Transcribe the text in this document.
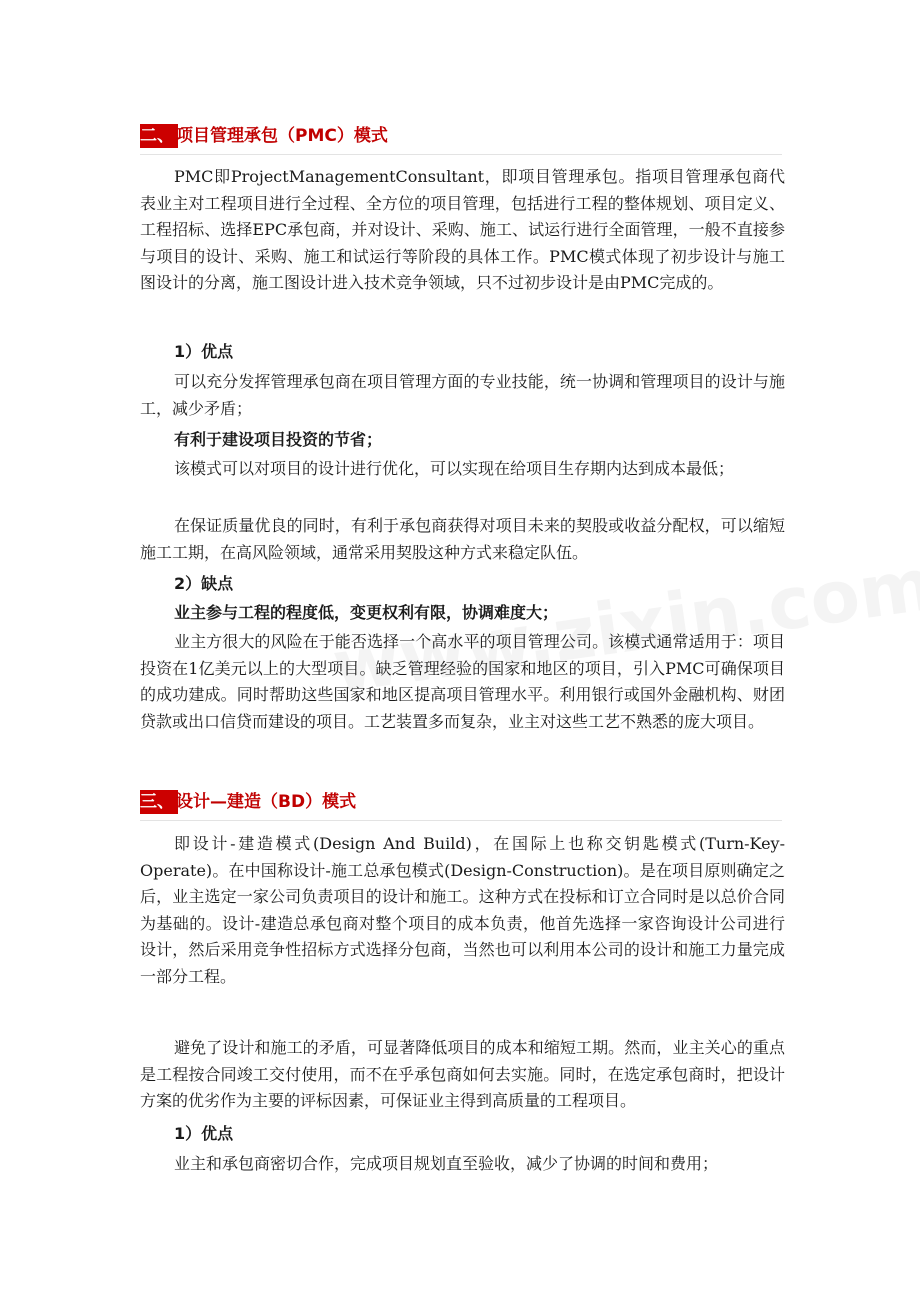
二、 项目管理承包（PMC）模式

PMC即ProjectManagementConsultant，即项目管理承包。指项目管理承包商代表业主对工程项目进行全过程、全方位的项目管理，包括进行工程的整体规划、项目定义、工程招标、选择EPC承包商，并对设计、采购、施工、试运行进行全面管理，一般不直接参与项目的设计、采购、施工和试运行等阶段的具体工作。PMC模式体现了初步设计与施工图设计的分离，施工图设计进入技术竞争领域，只不过初步设计是由PMC完成的。

1）优点

可以充分发挥管理承包商在项目管理方面的专业技能，统一协调和管理项目的设计与施工，减少矛盾；

有利于建设项目投资的节省；

该模式可以对项目的设计进行优化，可以实现在给项目生存期内达到成本最低；

在保证质量优良的同时，有利于承包商获得对项目未来的契股或收益分配权，可以缩短施工工期，在高风险领域，通常采用契股这种方式来稳定队伍。

2）缺点
业主参与工程的程度低，变更权利有限，协调难度大；

业主方很大的风险在于能否选择一个高水平的项目管理公司。该模式通常适用于：项目投资在1亿美元以上的大型项目。缺乏管理经验的国家和地区的项目，引入PMC可确保项目的成功建成。同时帮助这些国家和地区提高项目管理水平。利用银行或国外金融机构、财团贷款或出口信贷而建设的项目。工艺装置多而复杂，业主对这些工艺不熟悉的庞大项目。

三、 设计—建造（BD）模式

即设计-建造模式(Design And Build)，在国际上也称交钥匙模式(Turn-Key-Operate)。在中国称设计-施工总承包模式(Design-Construction)。是在项目原则确定之后，业主选定一家公司负责项目的设计和施工。这种方式在投标和订立合同时是以总价合同为基础的。设计-建造总承包商对整个项目的成本负责，他首先选择一家咨询设计公司进行设计，然后采用竞争性招标方式选择分包商，当然也可以利用本公司的设计和施工力量完成一部分工程。

避免了设计和施工的矛盾，可显著降低项目的成本和缩短工期。然而，业主关心的重点是工程按合同竣工交付使用，而不在乎承包商如何去实施。同时，在选定承包商时，把设计方案的优劣作为主要的评标因素，可保证业主得到高质量的工程项目。

1）优点

业主和承包商密切合作，完成项目规划直至验收，减少了协调的时间和费用；
